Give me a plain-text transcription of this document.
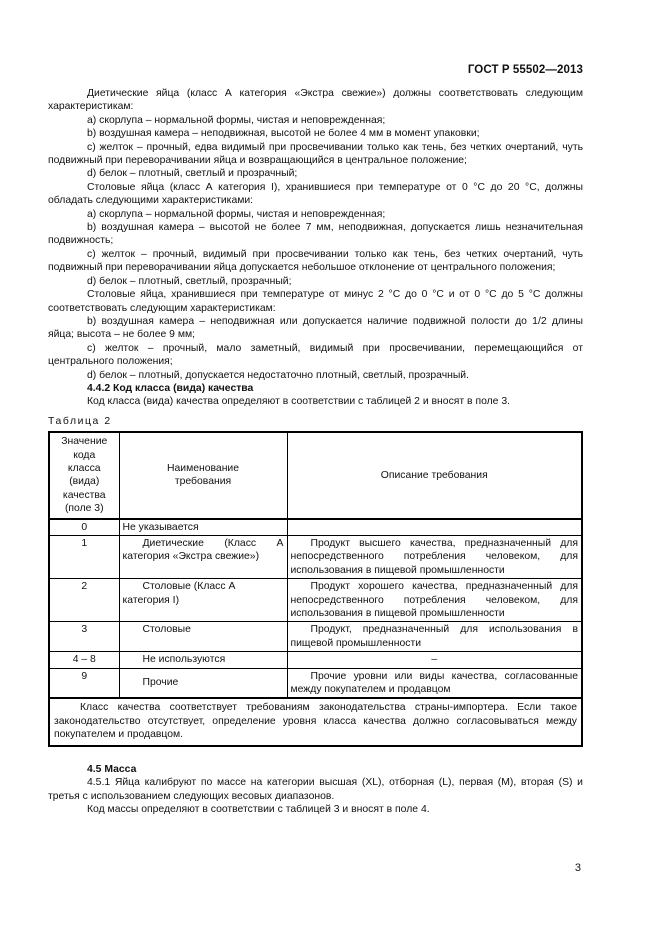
ГОСТ Р 55502—2013

Диетические яйца (класс А категория «Экстра свежие») должны соответствовать следующим характеристикам:

а) скорлупа – нормальной формы, чистая и неповрежденная;

b) воздушная камера – неподвижная, высотой не более 4 мм в момент упаковки;

с) желток – прочный, едва видимый при просвечивании только как тень, без четких очертаний, чуть подвижный при переворачивании яйца и возвращающийся в центральное положение;

d) белок – плотный, светлый и прозрачный;

Столовые яйца (класс А категория I), хранившиеся при температуре от 0 °С до 20 °С, должны обладать следующими характеристиками:

а) скорлупа – нормальной формы, чистая и неповрежденная;

b) воздушная камера – высотой не более 7 мм, неподвижная, допускается лишь незначительная подвижность;

с) желток – прочный, видимый при просвечивании только как тень, без четких очертаний, чуть подвижный при переворачивании яйца допускается небольшое отклонение от центрального положения;

d) белок – плотный, светлый, прозрачный;

Столовые яйца, хранившиеся при температуре от минус 2 °С до 0 °С и от 0 °С до 5 °С должны соответствовать следующим характеристикам:

b) воздушная камера – неподвижная или допускается наличие подвижной полости до 1/2 длины яйца; высота – не более 9 мм;

с) желток – прочный, мало заметный, видимый при просвечивании, перемещающийся от центрального положения;

d) белок – плотный, допускается недостаточно плотный, светлый, прозрачный.

4.4.2 Код класса (вида) качества

Код класса (вида) качества определяют в соответствии с таблицей 2 и вносят в поле 3.

Таблица 2
Значение кода класса (вида) качества (поле 3)	Наименование требования	Описание требования
0	Не указывается	
1	Диетические (Класс А категория «Экстра свежие»)	Продукт высшего качества, предназначенный для непосредственного потребления человеком, для использования в пищевой промышленности
2	Столовые (Класс А категория I)	Продукт хорошего качества, предназначенный для непосредственного потребления человеком, для использования в пищевой промышленности
3	Столовые	Продукт, предназначенный для использования в пищевой промышленности
4 – 8	Не используются	–
9	Прочие	Прочие уровни или виды качества, согласованные между покупателем и продавцом
Класс качества соответствует требованиям законодательства страны-импортера. Если такое законодательство отсутствует, определение уровня класса качества должно согласовываться между покупателем и продавцом.		

4.5 Масса

4.5.1 Яйца калибруют по массе на категории высшая (XL), отборная (L), первая (M), вторая (S) и третья с использованием следующих весовых диапазонов.

Код массы определяют в соответствии с таблицей 3 и вносят в поле 4.

3
